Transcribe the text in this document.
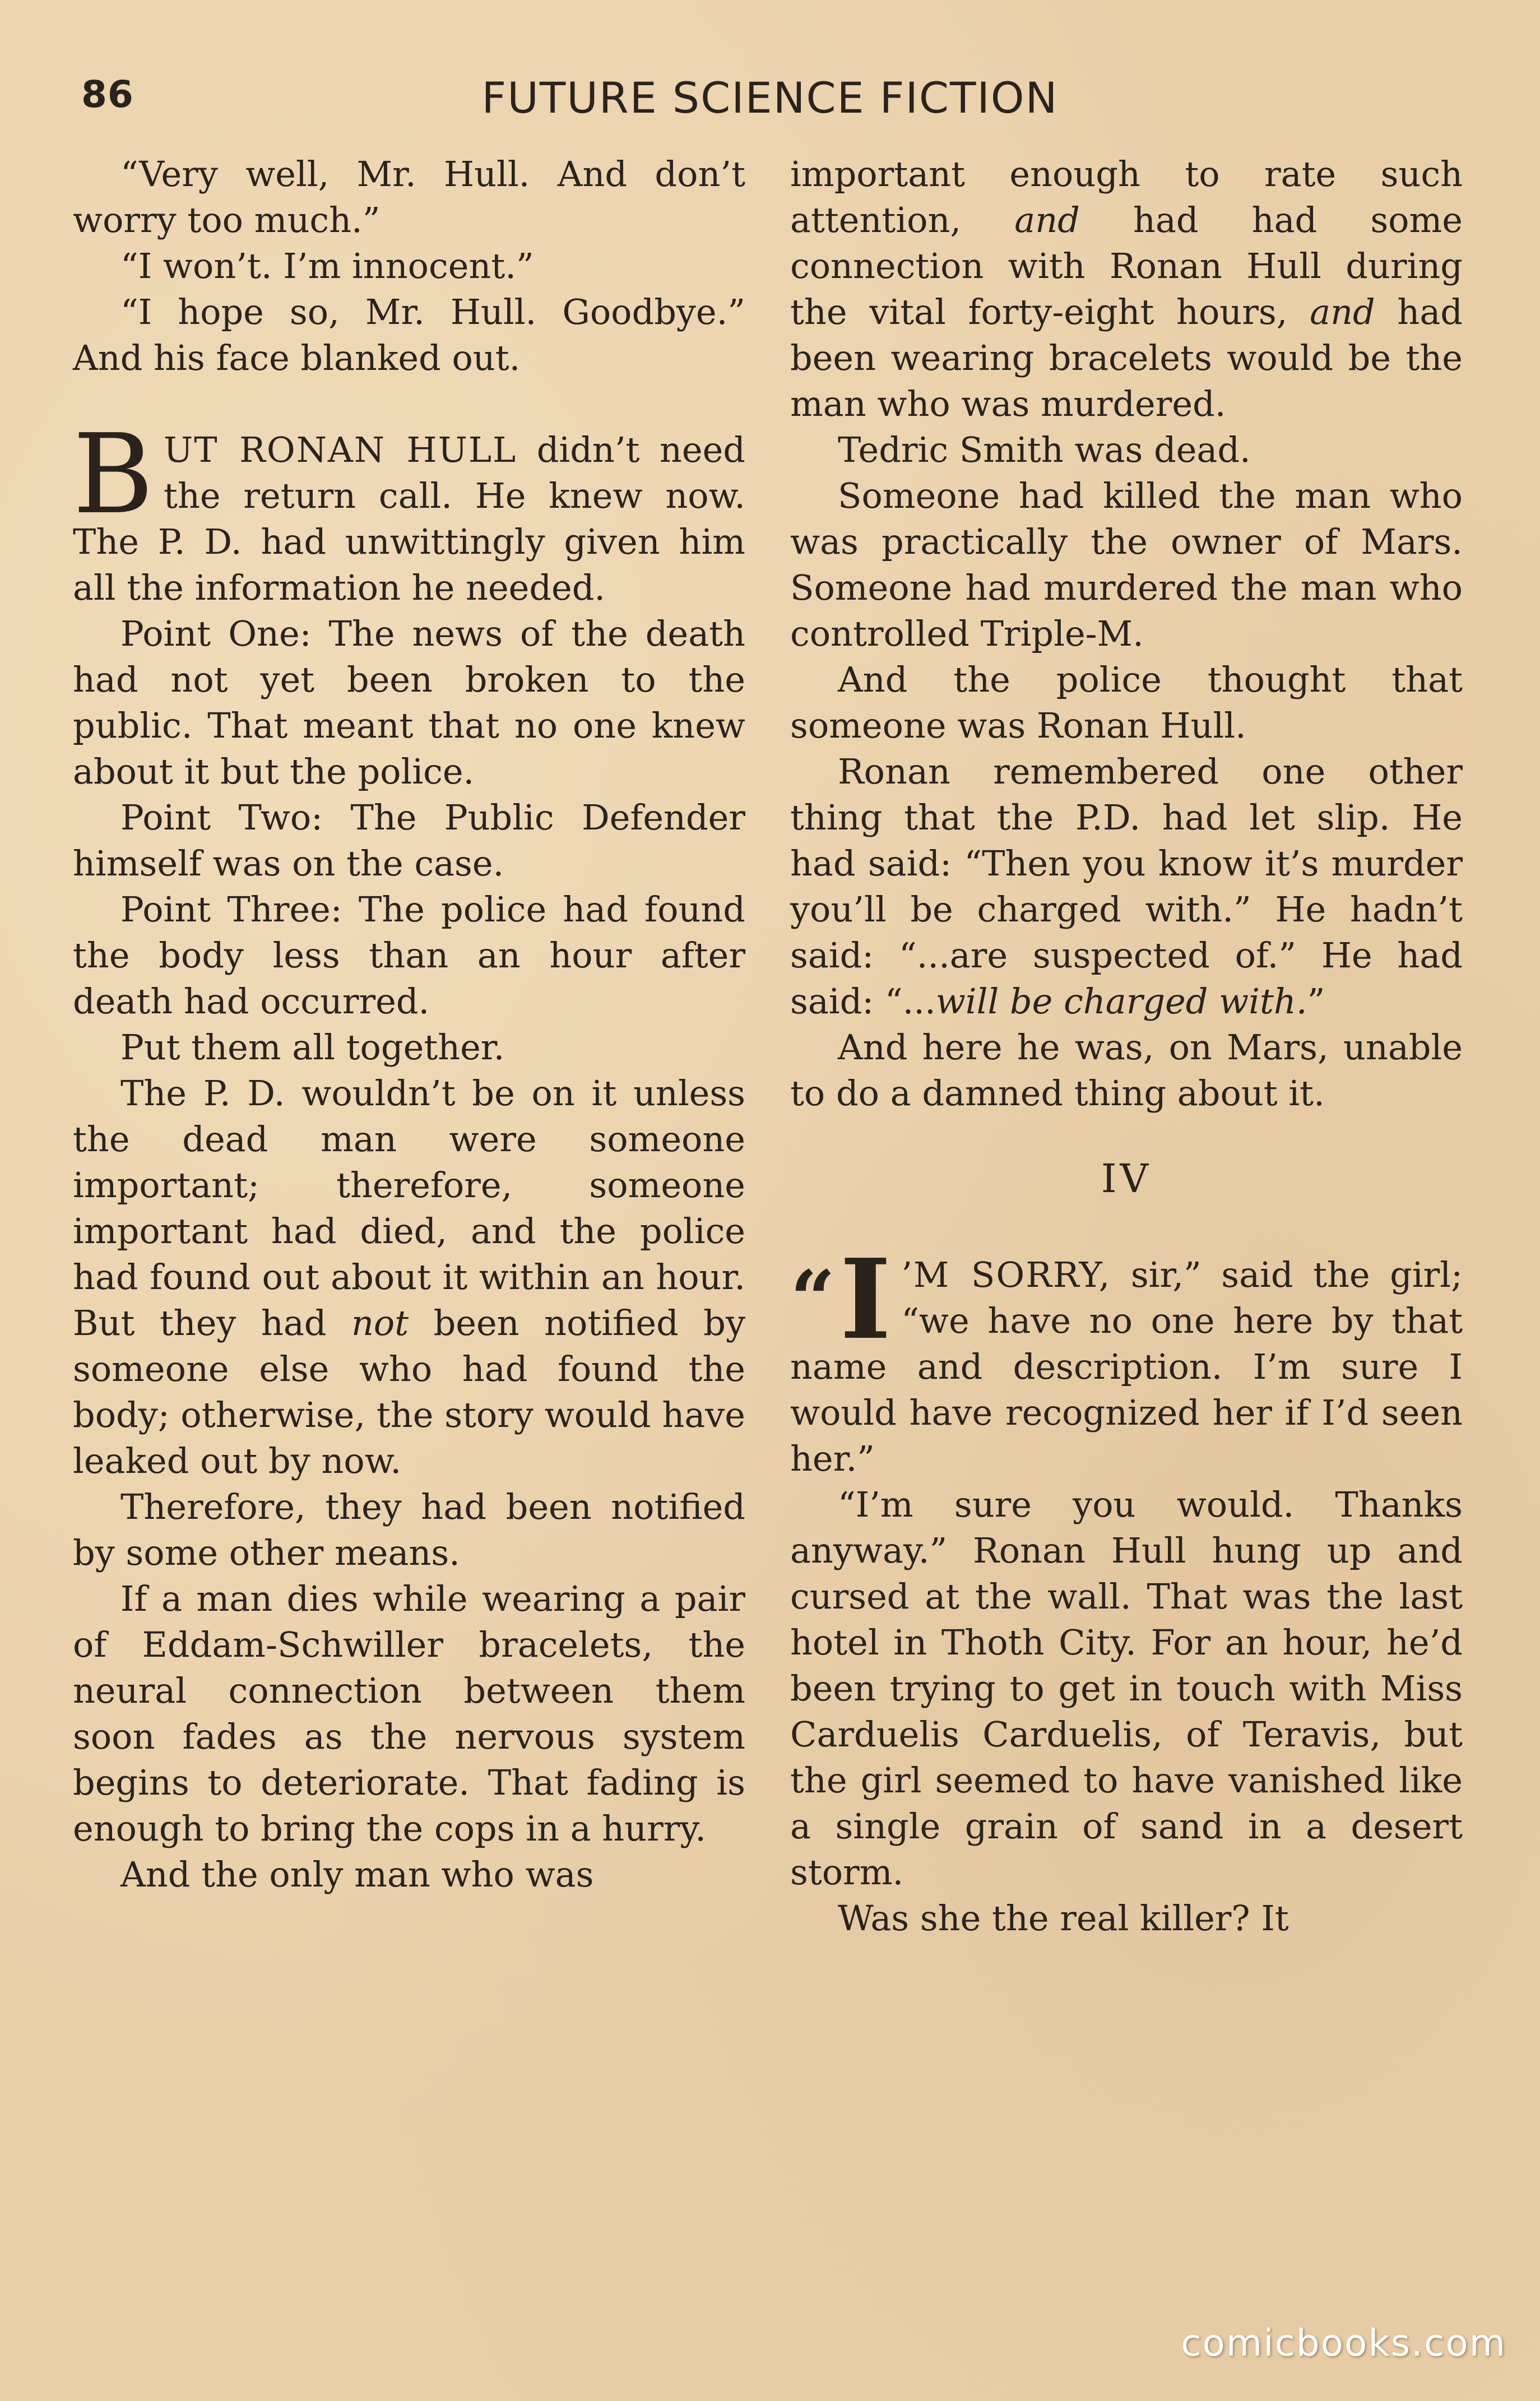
86	FUTURE SCIENCE FICTION

“Very well, Mr. Hull. And don’t worry too much.”

“I won’t. I’m innocent.”

“I hope so, Mr. Hull. Goodbye.” And his face blanked out.

BUT RONAN HULL didn’t need the return call. He knew now. The P. D. had unwittingly given him all the information he needed.

Point One: The news of the death had not yet been broken to the public. That meant that no one knew about it but the police.

Point Two: The Public Defender himself was on the case.

Point Three: The police had found the body less than an hour after death had occurred.

Put them all together.

The P. D. wouldn’t be on it unless the dead man were someone important; therefore, someone important had died, and the police had found out about it within an hour. But they had not been notified by someone else who had found the body; otherwise, the story would have leaked out by now.

Therefore, they had been notified by some other means.

If a man dies while wearing a pair of Eddam-Schwiller bracelets, the neural connection between them soon fades as the nervous system begins to deteriorate. That fading is enough to bring the cops in a hurry.

And the only man who was

important enough to rate such attention, and had had some connection with Ronan Hull during the vital forty-eight hours, and had been wearing bracelets would be the man who was murdered.

Tedric Smith was dead.

Someone had killed the man who was practically the owner of Mars. Someone had murdered the man who controlled Triple-M.

And the police thought that someone was Ronan Hull.

Ronan remembered one other thing that the P.D. had let slip. He had said: “Then you know it’s murder you’ll be charged with.” He hadn’t said: “...are suspected of.” He had said: “...will be charged with.”

And here he was, on Mars, unable to do a damned thing about it.

IV

“ I ’M SORRY, sir,” said the girl; “we have no one here by that name and description. I’m sure I would have recognized her if I’d seen her.”

“I’m sure you would. Thanks anyway.” Ronan Hull hung up and cursed at the wall. That was the last hotel in Thoth City. For an hour, he’d been trying to get in touch with Miss Carduelis Carduelis, of Teravis, but the girl seemed to have vanished like a single grain of sand in a desert storm.

Was she the real killer? It

comicbooks.com
